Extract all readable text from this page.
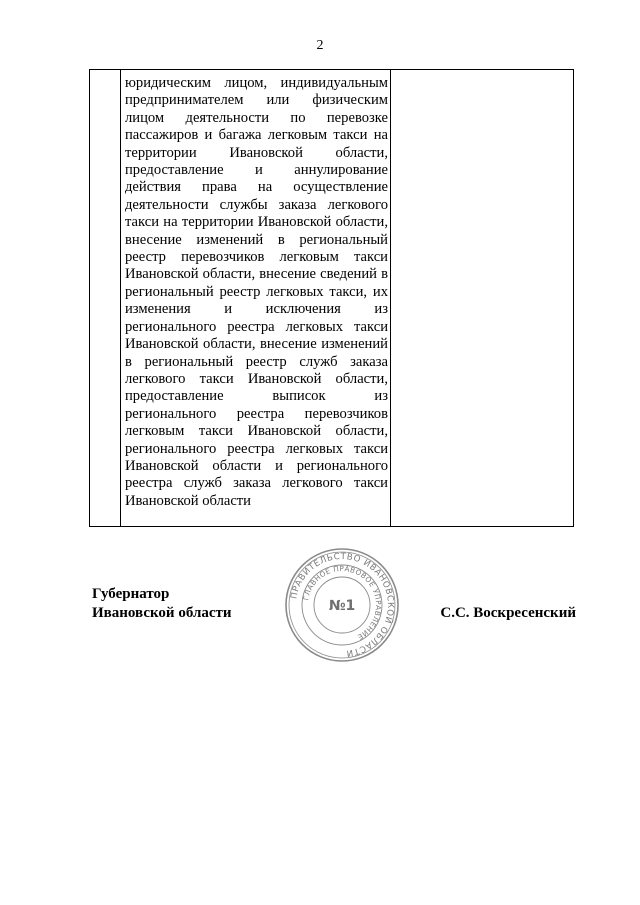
2

юридическим лицом, индивидуальным предпринимателем или физическим лицом деятельности по перевозке пассажиров и багажа легковым такси на территории Ивановской области, предоставление и аннулирование действия права на осуществление деятельности службы заказа легкового такси на территории Ивановской области, внесение изменений в региональный реестр перевозчиков легковым такси Ивановской области, внесение сведений в региональный реестр легковых такси, их изменения и исключения из регионального реестра легковых такси Ивановской области, внесение изменений в региональный реестр служб заказа легкового такси Ивановской области, предоставление выписок из регионального реестра перевозчиков легковым такси Ивановской области, регионального реестра легковых такси Ивановской области и регионального реестра служб заказа легкового такси Ивановской области

Губернатор
Ивановской области
ПРАВИТЕЛЬСТВО ИВАНОВСКОЙ ОБЛАСТИ
ГЛАВНОЕ ПРАВОВОЕ УПРАВЛЕНИЕ
№1	С.С. Воскресенский
